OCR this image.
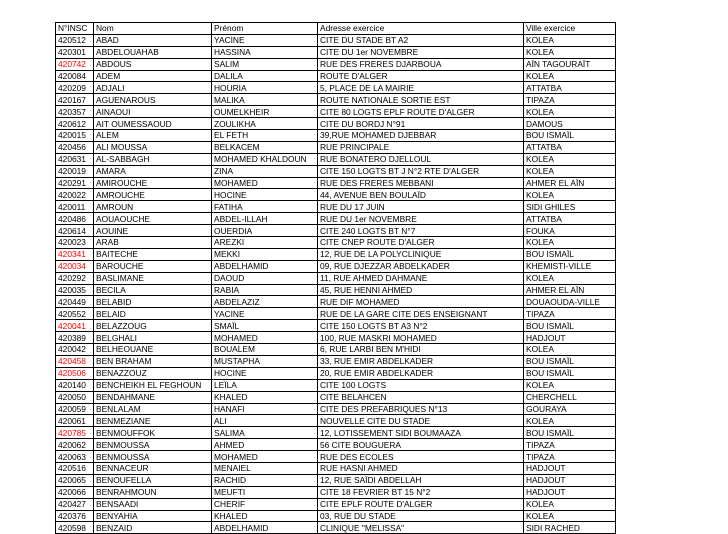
N°INSC	Nom	Prénom	Adresse exercice	Ville exercice
420512	ABAD	YACINE	CITE DU STADE BT A2	KOLEA
420301	ABDELOUAHAB	HASSINA	CITE DU 1er NOVEMBRE	KOLEA
420742	ABDOUS	SALIM	RUE DES FRERES DJARBOUA	AÏN TAGOURAÏT
420084	ADEM	DALILA	ROUTE D'ALGER	KOLEA
420209	ADJALI	HOURIA	5, PLACE DE LA MAIRIE	ATTATBA
420167	AGUENAROUS	MALIKA	ROUTE NATIONALE SORTIE EST	TIPAZA
420357	AINAOUI	OUMELKHEIR	CITE 80 LOGTS EPLF ROUTE D'ALGER	KOLEA
420612	AIT OUMESSAOUD	ZOULIKHA	CITE DU BORDJ N°91	DAMOUS
420015	ALEM	EL FETH	39,RUE MOHAMED DJEBBAR	BOU ISMAÏL
420456	ALI MOUSSA	BELKACEM	RUE PRINCIPALE	ATTATBA
420631	AL-SABBAGH	MOHAMED KHALDOUN	RUE BONATERO DJELLOUL	KOLEA
420019	AMARA	ZINA	CITE 150 LOGTS BT J N°2 RTE D'ALGER	KOLEA
420291	AMIROUCHE	MOHAMED	RUE DES FRERES MEBBANI	AHMER EL AÏN
420022	AMROUCHE	HOCINE	44, AVENUE BEN BOULAÏD	KOLEA
420011	AMROUN	FATIHA	RUE DU 17 JUIN	SIDI GHILES
420486	AOUAOUCHE	ABDEL-ILLAH	RUE DU 1er NOVEMBRE	ATTATBA
420614	AOUINE	OUERDIA	CITE 240 LOGTS BT N°7	FOUKA
420023	ARAB	AREZKI	CITE CNEP ROUTE D'ALGER	KOLEA
420341	BAITECHE	MEKKI	12, RUE DE LA POLYCLINIQUE	BOU ISMAÏL
420034	BAROUCHE	ABDELHAMID	09, RUE DJEZZAR ABDELKADER	KHEMISTI-VILLE
420292	BASLIMANE	DAOUD	11, RUE AHMED DAHMANE	KOLEA
420035	BECILA	RABIA	45, RUE HENNI AHMED	AHMER EL AÏN
420449	BELABID	ABDELAZIZ	RUE DIF MOHAMED	DOUAOUDA-VILLE
420552	BELAID	YACINE	RUE DE LA GARE CITE DES ENSEIGNANT	TIPAZA
420041	BELAZZOUG	SMAÏL	CITE 150 LOGTS BT A3 N°2	BOU ISMAÏL
420389	BELGHALI	MOHAMED	100, RUE MASKRI MOHAMED	HADJOUT
420042	BELHEOUANE	BOUALEM	6, RUE LARBI BEN M'HIDI	KOLEA
420458	BEN BRAHAM	MUSTAPHA	33, RUE EMIR ABDELKADER	BOU ISMAÏL
420506	BENAZZOUZ	HOCINE	20, RUE EMIR ABDELKADER	BOU ISMAÏL
420140	BENCHEIKH EL FEGHOUN	LEÏLA	CITE 100 LOGTS	KOLEA
420050	BENDAHMANE	KHALED	CITE BELAHCEN	CHERCHELL
420059	BENLALAM	HANAFI	CITE DES PREFABRIQUES N°13	GOURAYA
420061	BENMEZIANE	ALI	NOUVELLE CITE DU STADE	KOLEA
420785	BENMOUFFOK	SALIMA	12, LOTISSEMENT SIDI BOUMAAZA	BOU ISMAÏL
420062	BENMOUSSA	AHMED	56 CITE BOUGUERA	TIPAZA
420063	BENMOUSSA	MOHAMED	RUE DES ECOLES	TIPAZA
420516	BENNACEUR	MENAIEL	RUE HASNI AHMED	HADJOUT
420065	BENOUFELLA	RACHID	12, RUE SAÏDI ABDELLAH	HADJOUT
420066	BENRAHMOUN	MEUFTI	CITE 18 FEVRIER BT 15 N°2	HADJOUT
420427	BENSAADI	CHERIF	CITE EPLF ROUTE D'ALGER	KOLEA
420376	BENYAHIA	KHALED	03, RUE DU STADE	KOLEA
420598	BENZAID	ABDELHAMID	CLINIQUE "MELISSA"	SIDI RACHED
